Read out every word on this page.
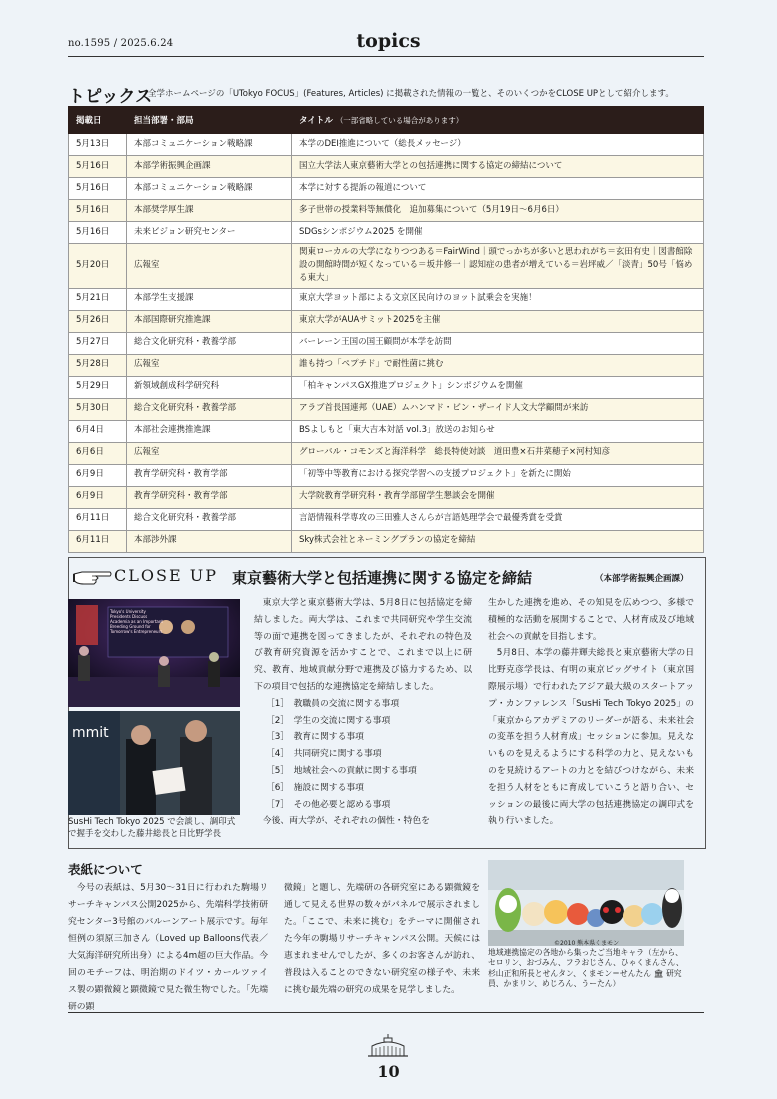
no.1595 / 2025.6.24	topics
トピックス
全学ホームページの「UTokyo FOCUS」(Features, Articles) に掲載された情報の一覧と、そのいくつかをCLOSE UPとして紹介します。
掲載日	担当部署・部局	タイトル （一部省略している場合があります）
5月13日	本部コミュニケーション戦略課	本学のDEI推進について（総長メッセージ）
5月16日	本部学術振興企画課	国立大学法人東京藝術大学との包括連携に関する協定の締結について
5月16日	本部コミュニケーション戦略課	本学に対する提訴の報道について
5月16日	本部奨学厚生課	多子世帯の授業料等無償化　追加募集について（5月19日〜6月6日）
5月16日	未来ビジョン研究センター	SDGsシンポジウム2025 を開催
5月20日	広報室	関東ローカルの大学になりつつある＝FairWind｜頭でっかちが多いと思われがち＝玄田有史｜図書館除設の開館時間が短くなっている＝坂井修一｜認知症の患者が増えている＝岩坪威／「淡青」50号「悩める東大」
5月21日	本部学生支援課	東京大学ヨット部による文京区民向けのヨット試乗会を実施！
5月26日	本部国際研究推進課	東京大学がAUAサミット2025を主催
5月27日	総合文化研究科・教養学部	バーレーン王国の国王顧問が本学を訪問
5月28日	広報室	誰も持つ「ペプチド」で耐性菌に挑む
5月29日	新領域創成科学研究科	「柏キャンパスGX推進プロジェクト」シンポジウムを開催
5月30日	総合文化研究科・教養学部	アラブ首長国連邦（UAE）ムハンマド・ビン・ザーイド人文大学顧問が来訪
6月4日	本部社会連携推進課	BSよしもと「東大吉本対話 vol.3」放送のお知らせ
6月6日	広報室	グローバル・コモンズと海洋科学　総長特使対談　道田豊×石井菜穂子×河村知彦
6月9日	教育学研究科・教育学部	「初等中等教育における探究学習への支援プロジェクト」を新たに開始
6月9日	教育学研究科・教育学部	大学院教育学研究科・教育学部留学生懇談会を開催
6月11日	総合文化研究科・教養学部	言語情報科学専攻の三田雅人さんらが言語処理学会で最優秀賞を受賞
6月11日	本部渉外課	Sky株式会社とネーミングプランの協定を締結
CLOSE UP 東京藝術大学と包括連携に関する協定を締結	（本部学術振興企画課）
Tokyo's University Presidents Discuss Academia as an Important Breeding Ground for Tomorrow's Entrepreneurs
mmit
SusHi Tech Tokyo 2025 で会談し、調印式で握手を交わした藤井総長と日比野学長

東京大学と東京藝術大学は、5月8日に包括協定を締結しました。両大学は、これまで共同研究や学生交流等の面で連携を図ってきましたが、それぞれの特色及び教育研究資源を活かすことで、これまで以上に研究、教育、地域貢献分野で連携及び協力するため、以下の項目で包括的な連携協定を締結しました。

［1］　教職員の交流に関する事項

［2］　学生の交流に関する事項

［3］　教育に関する事項

［4］　共同研究に関する事項

［5］　地域社会への貢献に関する事項

［6］　施設に関する事項

［7］　その他必要と認める事項

今後、両大学が、それぞれの個性・特色を

生かした連携を進め、その知見を広めつつ、多様で積極的な活動を展開することで、人材育成及び地域社会への貢献を目指します。

5月8日、本学の藤井輝夫総長と東京藝術大学の日比野克彦学長は、有明の東京ビッグサイト（東京国際展示場）で行われたアジア最大級のスタートアップ・カンファレンス「SusHi Tech Tokyo 2025」の「東京からアカデミアのリーダーが語る、未来社会の変革を担う人材育成」セッションに参加。見えないものを見えるようにする科学の力と、見えないものを見続けるアートの力とを結びつけながら、未来を担う人材をともに育成していこうと語り合い、セッションの最後に両大学の包括連携協定の調印式を執り行いました。

表紙について
今号の表紙は、5月30〜31日に行われた駒場リサーチキャンパス公開2025から、先端科学技術研究センター3号館のバルーンアート展示です。毎年恒例の須原三加さん（Loved up Balloons代表／大気海洋研究所出身）による4m超の巨大作品。今回のモチーフは、明治期のドイツ・カールツァイス製の顕微鏡と顕微鏡で見た微生物でした。「先端研の顕
微鏡」と題し、先端研の各研究室にある顕微鏡を通して見える世界の数々がパネルで展示されました。「ここで、未来に挑む」をテーマに開催された今年の駒場リサーチキャンパス公開。天候には恵まれませんでしたが、多くのお客さんが訪れ、普段は入ることのできない研究室の様子や、未来に挑む最先端の研究の成果を見学しました。
©2010 熊本県くまモン
地域連携協定の各地から集ったご当地キャラ（左から、セロリン、おづみん、フラおじさん、ひゃくまんさん、杉山正和所長とせんタン、くまモン＝せんたん 🏛 研究員、かまリン、めじろん、うーたん）
10
